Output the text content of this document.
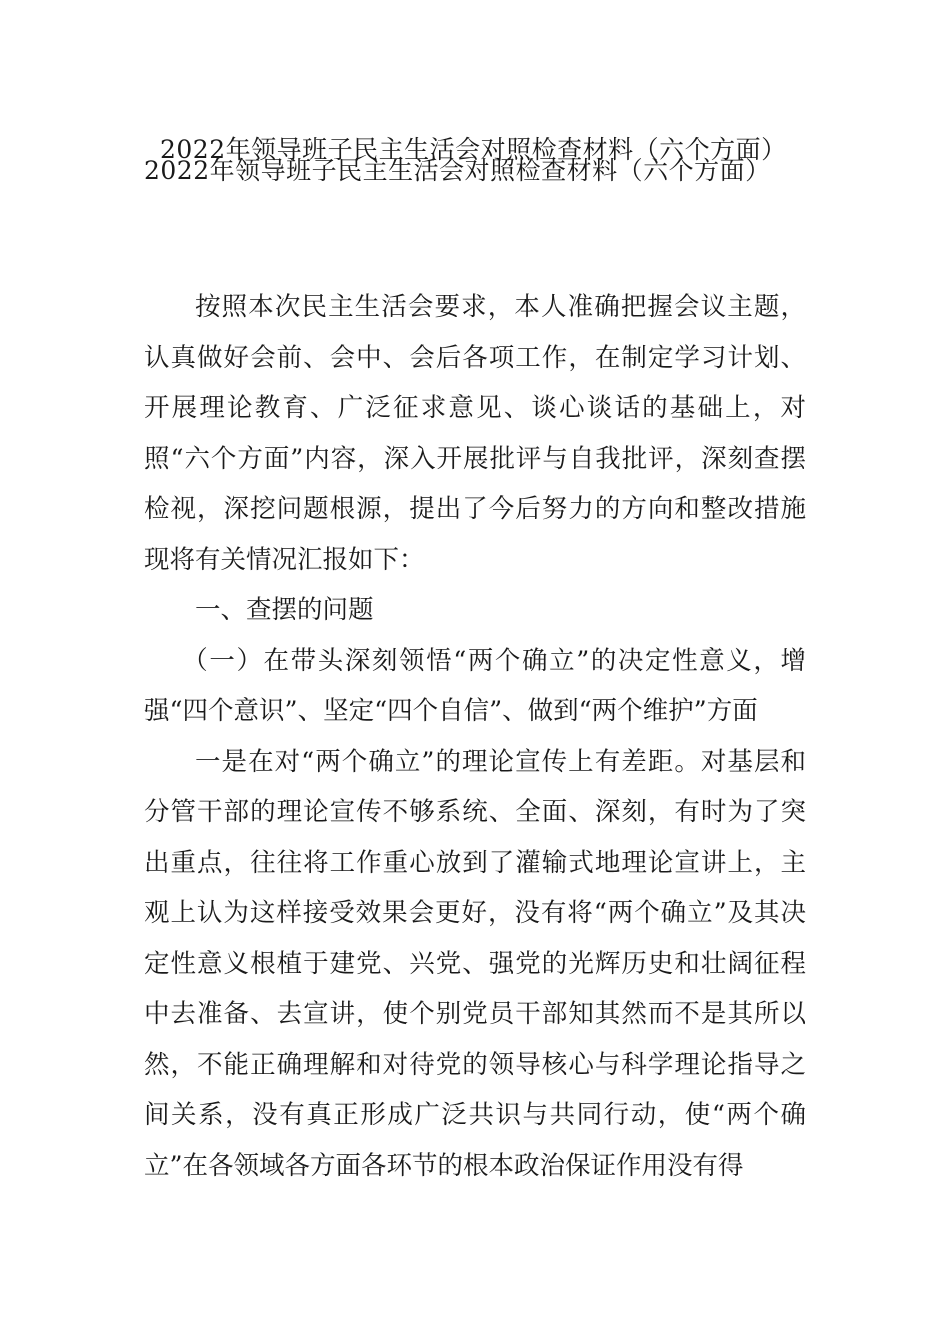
2022年领导班子民主生活会对照检查材料（六个方面）
2022年领导班子民主生活会对照检查材料（六个方面）

按照本次民主生活会要求，本人准确把握会议主题，认真做好会前、会中、会后各项工作，在制定学习计划、开展理论教育、广泛征求意见、谈心谈话的基础上，对照“六个方面”内容，深入开展批评与自我批评，深刻查摆检视，深挖问题根源，提出了今后努力的方向和整改措施现将有关情况汇报如下：

一、查摆的问题

（一）在带头深刻领悟“两个确立”的决定性意义，增强“四个意识”、坚定“四个自信”、做到“两个维护”方面

一是在对“两个确立”的理论宣传上有差距。对基层和分管干部的理论宣传不够系统、全面、深刻，有时为了突出重点，往往将工作重心放到了灌输式地理论宣讲上，主观上认为这样接受效果会更好，没有将“两个确立”及其决定性意义根植于建党、兴党、强党的光辉历史和壮阔征程中去准备、去宣讲，使个别党员干部知其然而不是其所以然，不能正确理解和对待党的领导核心与科学理论指导之间关系，没有真正形成广泛共识与共同行动，使“两个确立”在各领域各方面各环节的根本政治保证作用没有得
